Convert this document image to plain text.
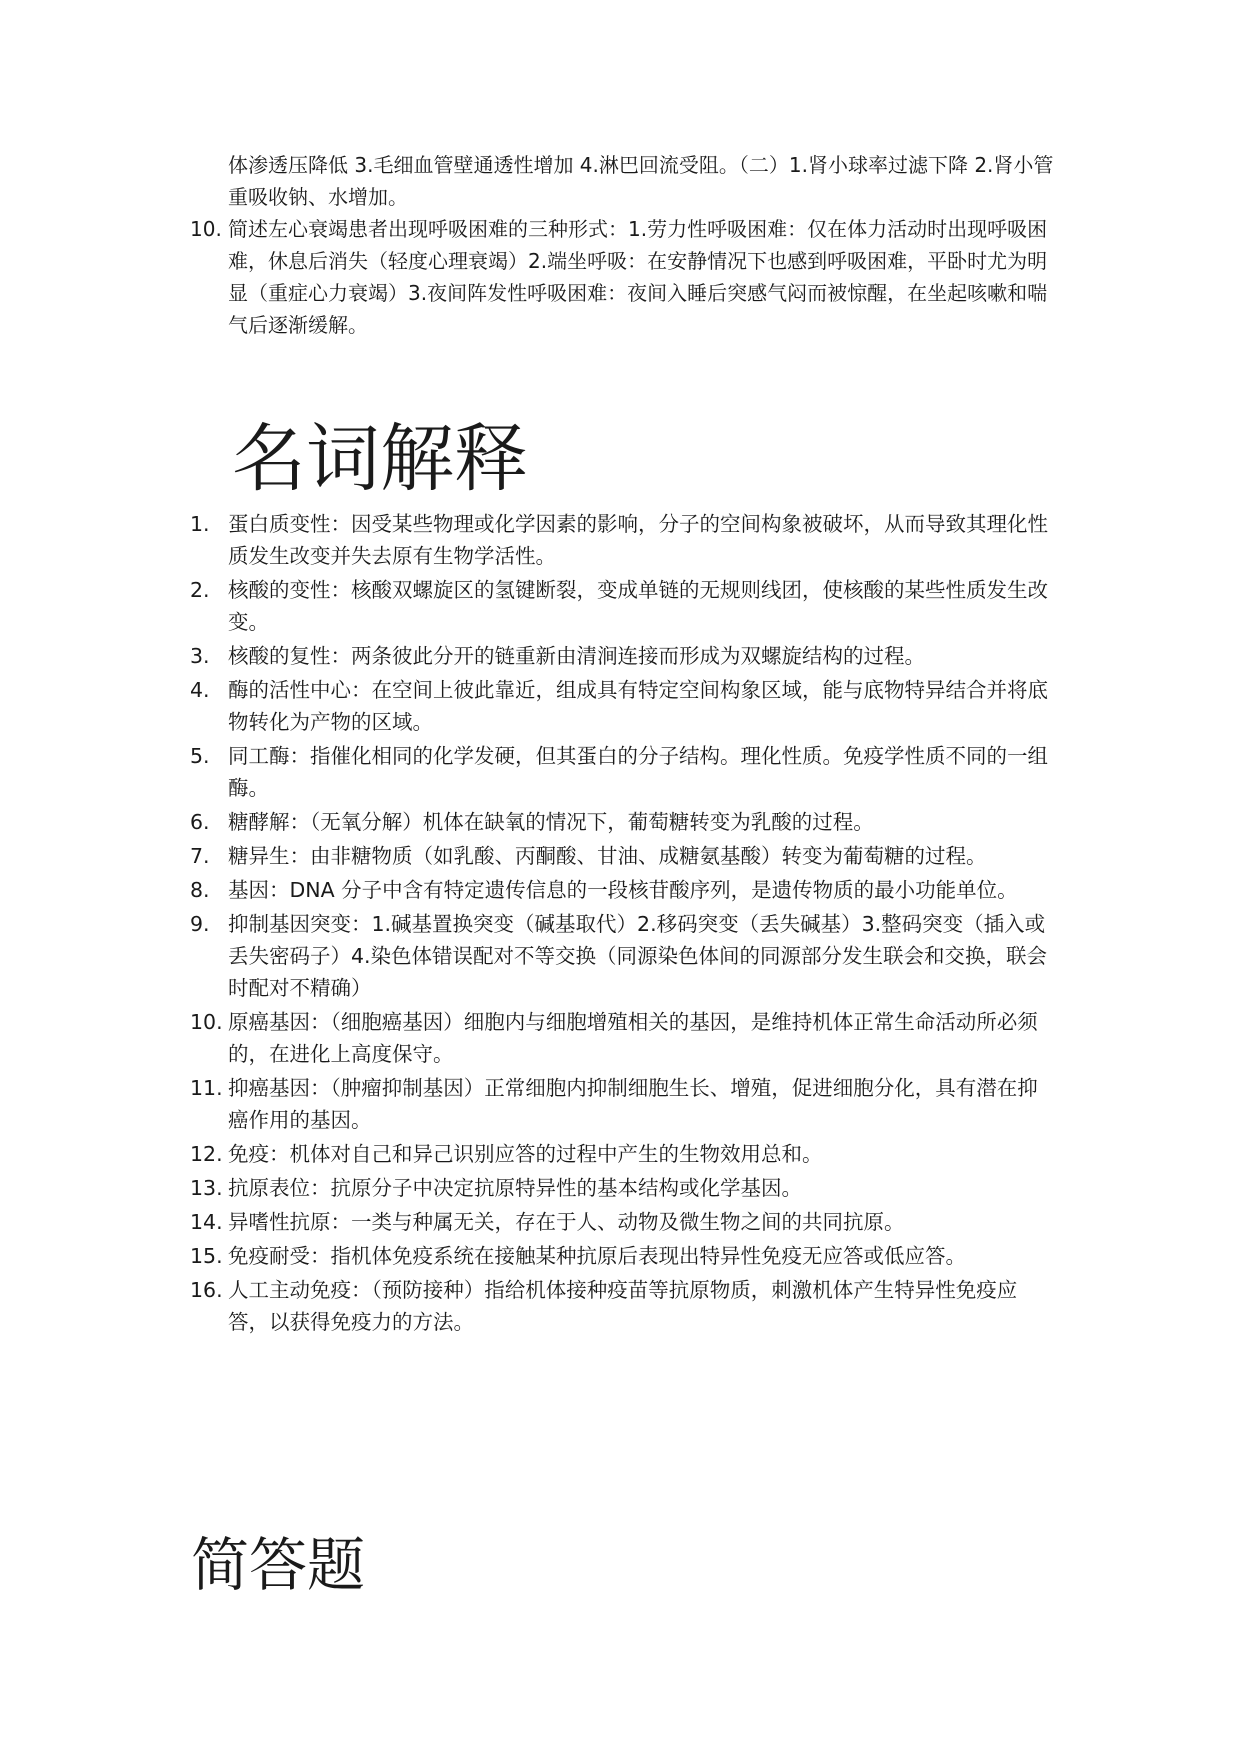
体渗透压降低 3.毛细血管壁通透性增加 4.淋巴回流受阻。（二）1.肾小球率过滤下降 2.肾小管重吸收钠、水增加。
10. 简述左心衰竭患者出现呼吸困难的三种形式：1.劳力性呼吸困难：仅在体力活动时出现呼吸困难，休息后消失（轻度心理衰竭）2.端坐呼吸：在安静情况下也感到呼吸困难，平卧时尤为明显（重症心力衰竭）3.夜间阵发性呼吸困难：夜间入睡后突感气闷而被惊醒，在坐起咳嗽和喘气后逐渐缓解。
名词解释
1. 蛋白质变性：因受某些物理或化学因素的影响，分子的空间构象被破坏，从而导致其理化性质发生改变并失去原有生物学活性。
2. 核酸的变性：核酸双螺旋区的氢键断裂，变成单链的无规则线团，使核酸的某些性质发生改变。
3. 核酸的复性：两条彼此分开的链重新由清涧连接而形成为双螺旋结构的过程。
4. 酶的活性中心：在空间上彼此靠近，组成具有特定空间构象区域，能与底物特异结合并将底物转化为产物的区域。
5. 同工酶：指催化相同的化学发硬，但其蛋白的分子结构。理化性质。免疫学性质不同的一组酶。
6. 糖酵解：（无氧分解）机体在缺氧的情况下，葡萄糖转变为乳酸的过程。
7. 糖异生：由非糖物质（如乳酸、丙酮酸、甘油、成糖氨基酸）转变为葡萄糖的过程。
8. 基因：DNA 分子中含有特定遗传信息的一段核苷酸序列，是遗传物质的最小功能单位。
9. 抑制基因突变：1.碱基置换突变（碱基取代）2.移码突变（丢失碱基）3.整码突变（插入或丢失密码子）4.染色体错误配对不等交换（同源染色体间的同源部分发生联会和交换，联会时配对不精确）
10. 原癌基因：（细胞癌基因）细胞内与细胞增殖相关的基因，是维持机体正常生命活动所必须的，在进化上高度保守。
11. 抑癌基因：（肿瘤抑制基因）正常细胞内抑制细胞生长、增殖，促进细胞分化，具有潜在抑癌作用的基因。
12. 免疫：机体对自己和异己识别应答的过程中产生的生物效用总和。
13. 抗原表位：抗原分子中决定抗原特异性的基本结构或化学基因。
14. 异嗜性抗原：一类与种属无关，存在于人、动物及微生物之间的共同抗原。
15. 免疫耐受：指机体免疫系统在接触某种抗原后表现出特异性免疫无应答或低应答。
16. 人工主动免疫：（预防接种）指给机体接种疫苗等抗原物质，刺激机体产生特异性免疫应答，以获得免疫力的方法。
简答题
